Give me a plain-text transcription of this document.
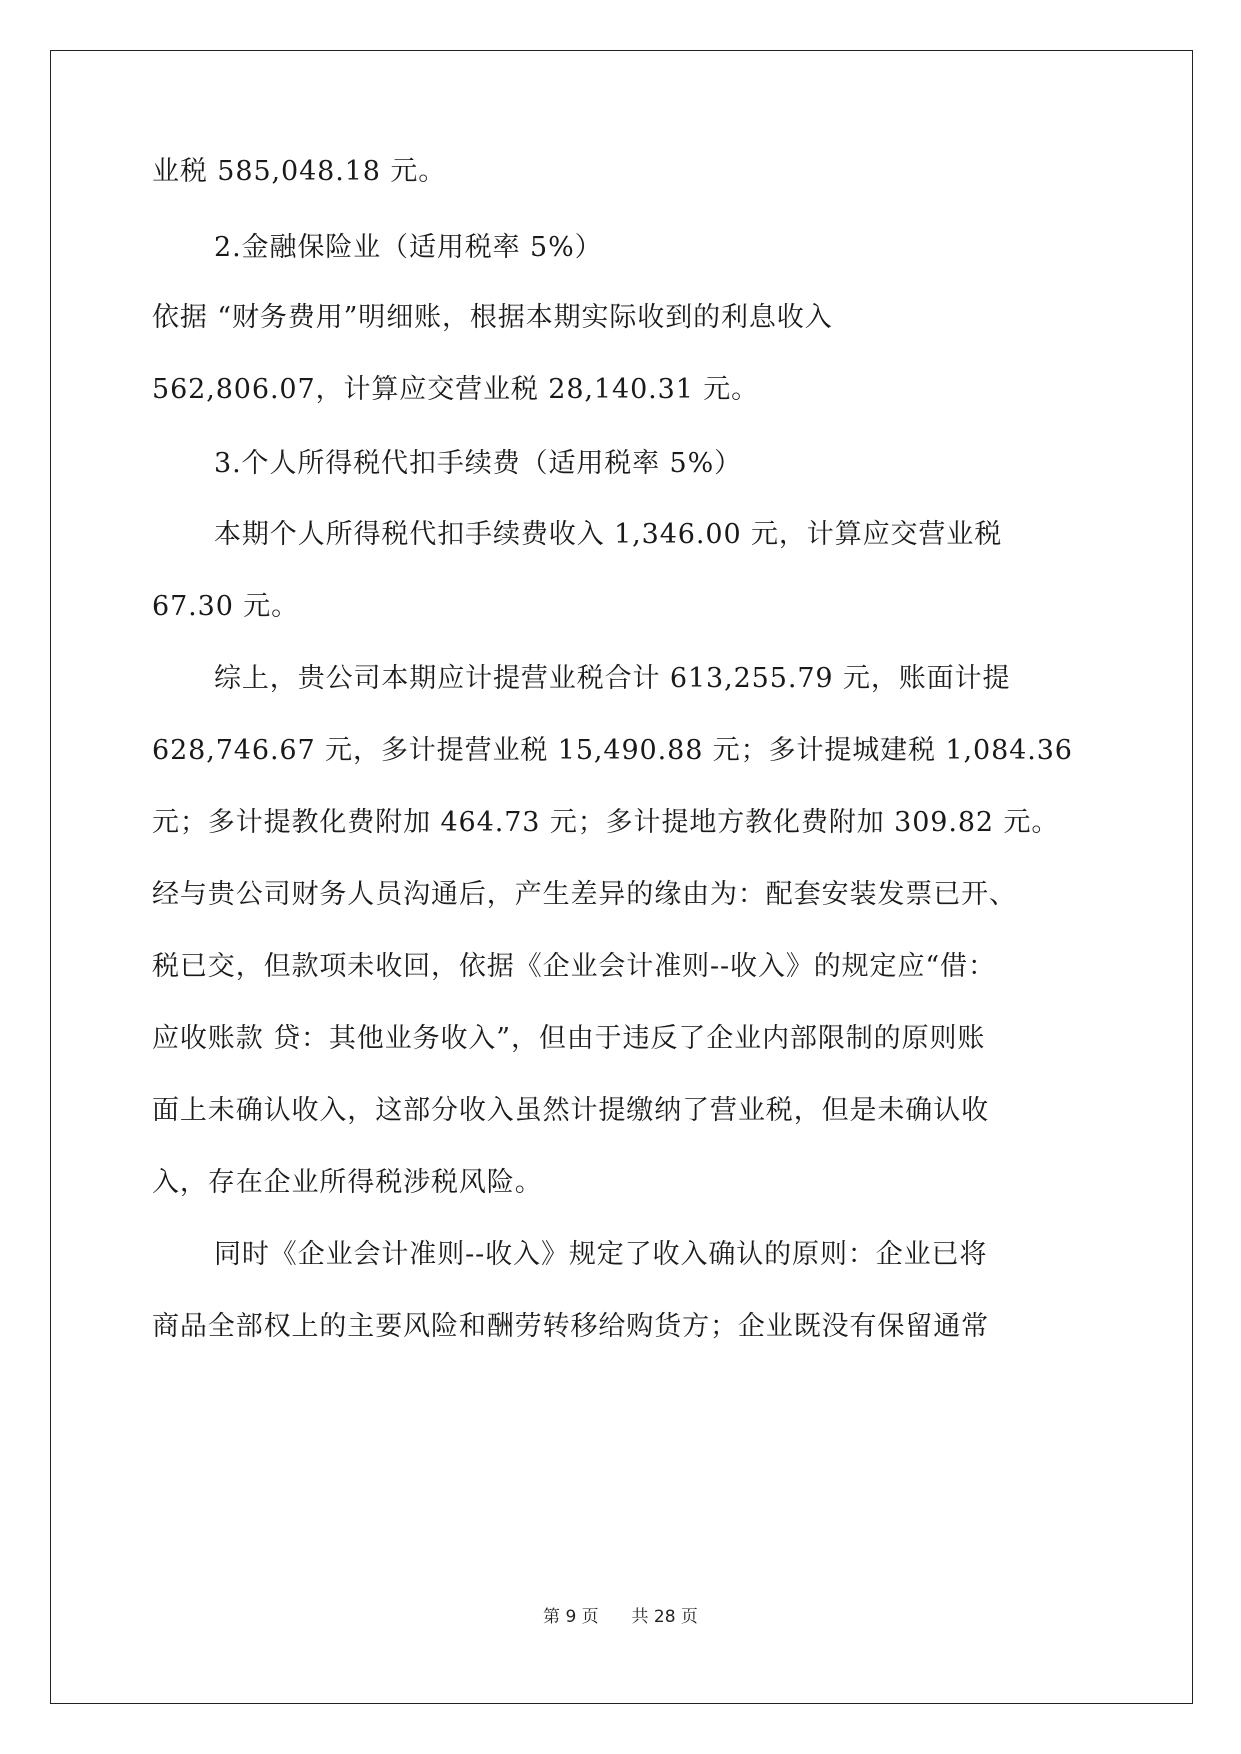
业税 585,048.18 元。
2.金融保险业（适用税率 5%）
依据 “财务费用”明细账，根据本期实际收到的利息收入
562,806.07，计算应交营业税 28,140.31 元。
3.个人所得税代扣手续费（适用税率 5%）
本期个人所得税代扣手续费收入 1,346.00 元，计算应交营业税
67.30 元。
综上，贵公司本期应计提营业税合计 613,255.79 元，账面计提
628,746.67 元，多计提营业税 15,490.88 元；多计提城建税 1,084.36
元；多计提教化费附加 464.73 元；多计提地方教化费附加 309.82 元。
经与贵公司财务人员沟通后，产生差异的缘由为：配套安装发票已开、
税已交，但款项未收回，依据《企业会计准则--收入》的规定应“借：
应收账款 贷：其他业务收入”，但由于违反了企业内部限制的原则账
面上未确认收入，这部分收入虽然计提缴纳了营业税，但是未确认收
入，存在企业所得税涉税风险。
同时《企业会计准则--收入》规定了收入确认的原则：企业已将
商品全部权上的主要风险和酬劳转移给购货方；企业既没有保留通常
第 9 页 共 28 页
